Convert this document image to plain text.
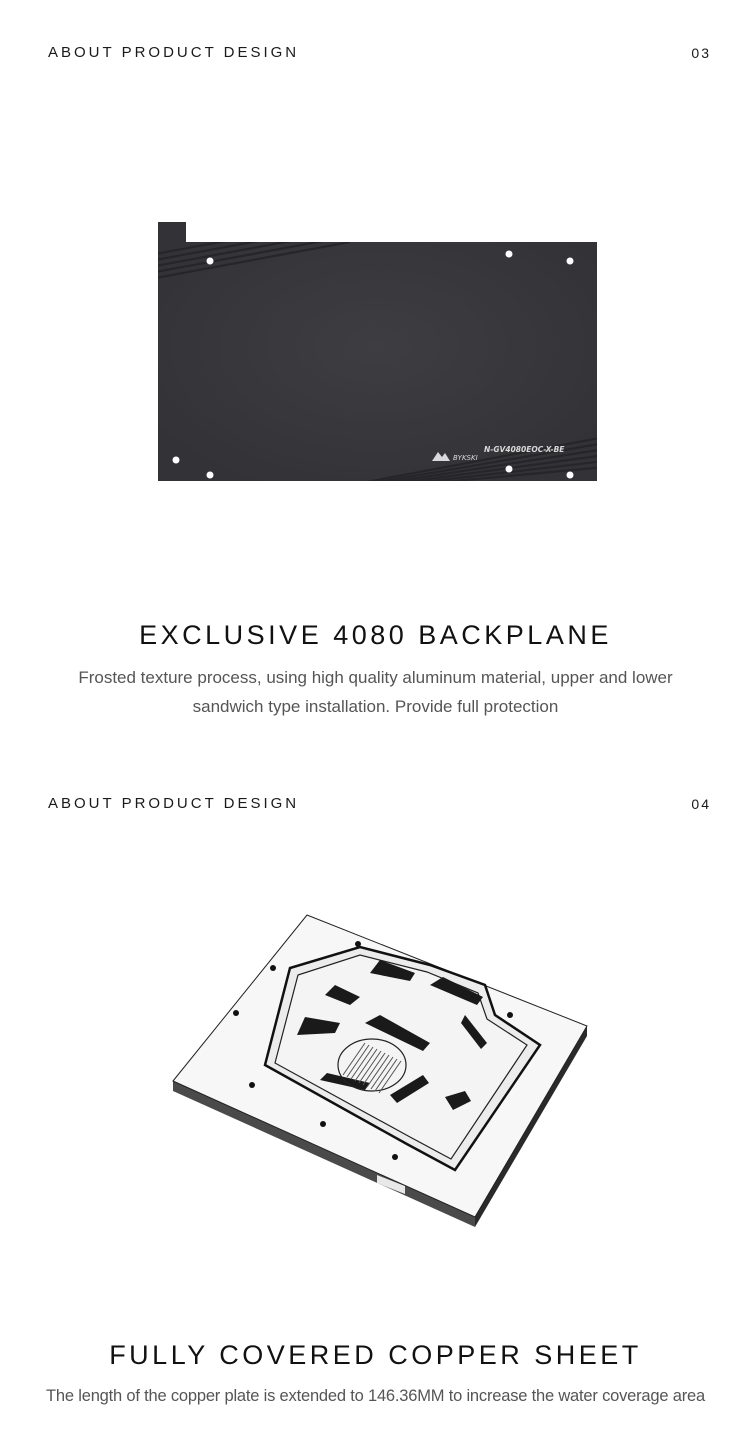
ABOUT PRODUCT DESIGN	03
BYKSKI
N-GV4080EOC-X-BE
EXCLUSIVE 4080 BACKPLANE
Frosted texture process, using high quality aluminum material, upper and lower
sandwich type installation. Provide full protection
ABOUT PRODUCT DESIGN	04
FULLY COVERED COPPER SHEET
The length of the copper plate is extended to 146.36MM to increase the water coverage area
